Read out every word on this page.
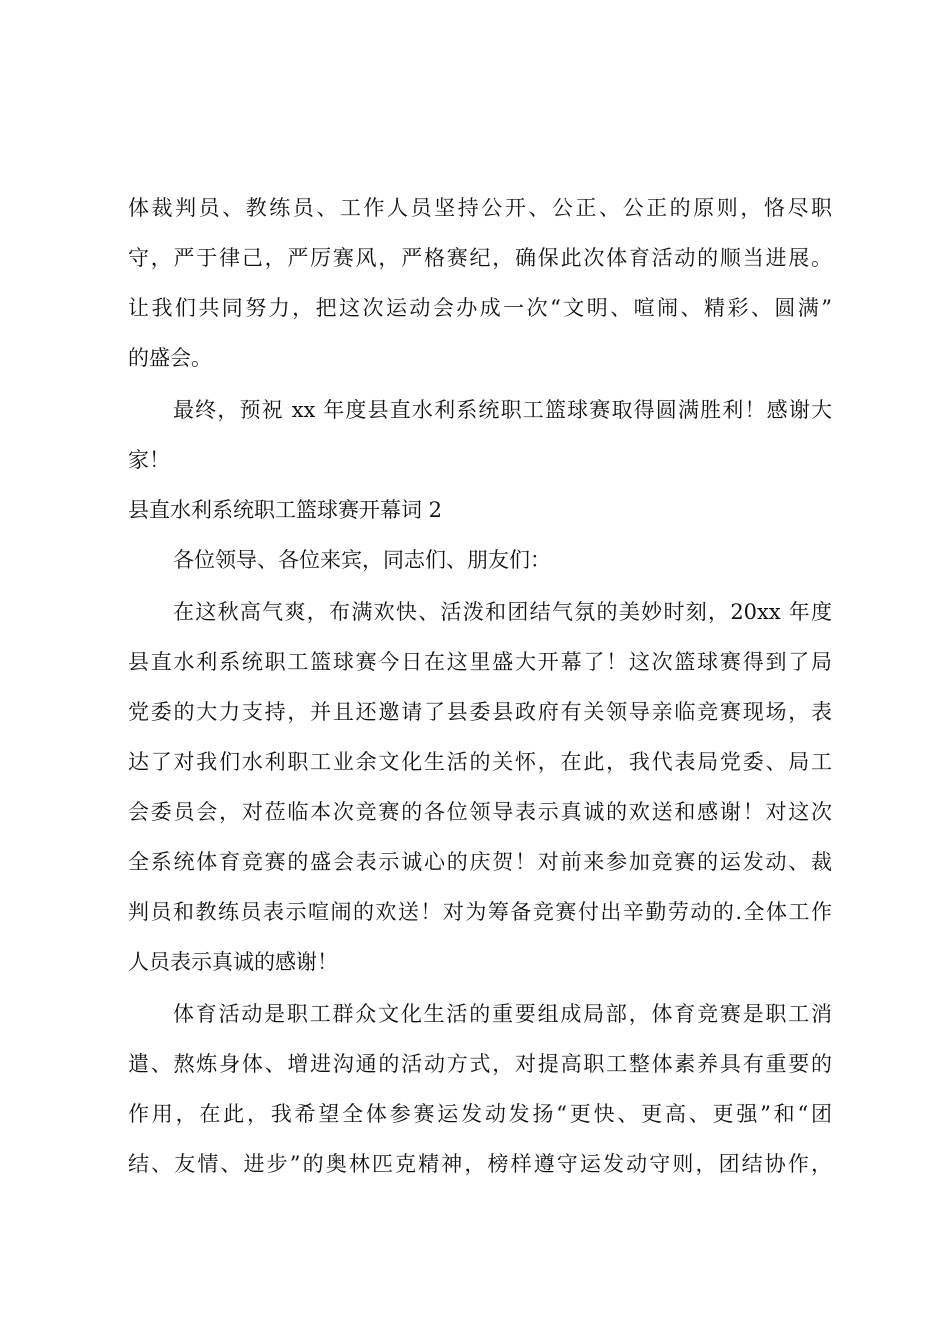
体裁判员、教练员、工作人员坚持公开、公正、公正的原则，恪尽职
守，严于律己，严厉赛风，严格赛纪，确保此次体育活动的顺当进展。
让我们共同努力，把这次运动会办成一次“文明、喧闹、精彩、圆满”
的盛会。
最终，预祝 xx 年度县直水利系统职工篮球赛取得圆满胜利！感谢大
家！
县直水利系统职工篮球赛开幕词 2
各位领导、各位来宾，同志们、朋友们：
在这秋高气爽，布满欢快、活泼和团结气氛的美妙时刻，20xx 年度
县直水利系统职工篮球赛今日在这里盛大开幕了！这次篮球赛得到了局
党委的大力支持，并且还邀请了县委县政府有关领导亲临竞赛现场，表
达了对我们水利职工业余文化生活的关怀，在此，我代表局党委、局工
会委员会，对莅临本次竞赛的各位领导表示真诚的欢送和感谢！对这次
全系统体育竞赛的盛会表示诚心的庆贺！对前来参加竞赛的运发动、裁
判员和教练员表示喧闹的欢送！对为筹备竞赛付出辛勤劳动的.全体工作
人员表示真诚的感谢！
体育活动是职工群众文化生活的重要组成局部，体育竞赛是职工消
遣、熬炼身体、增进沟通的活动方式，对提高职工整体素养具有重要的
作用，在此，我希望全体参赛运发动发扬“更快、更高、更强”和“团
结、友情、进步”的奥林匹克精神，榜样遵守运发动守则，团结协作，
